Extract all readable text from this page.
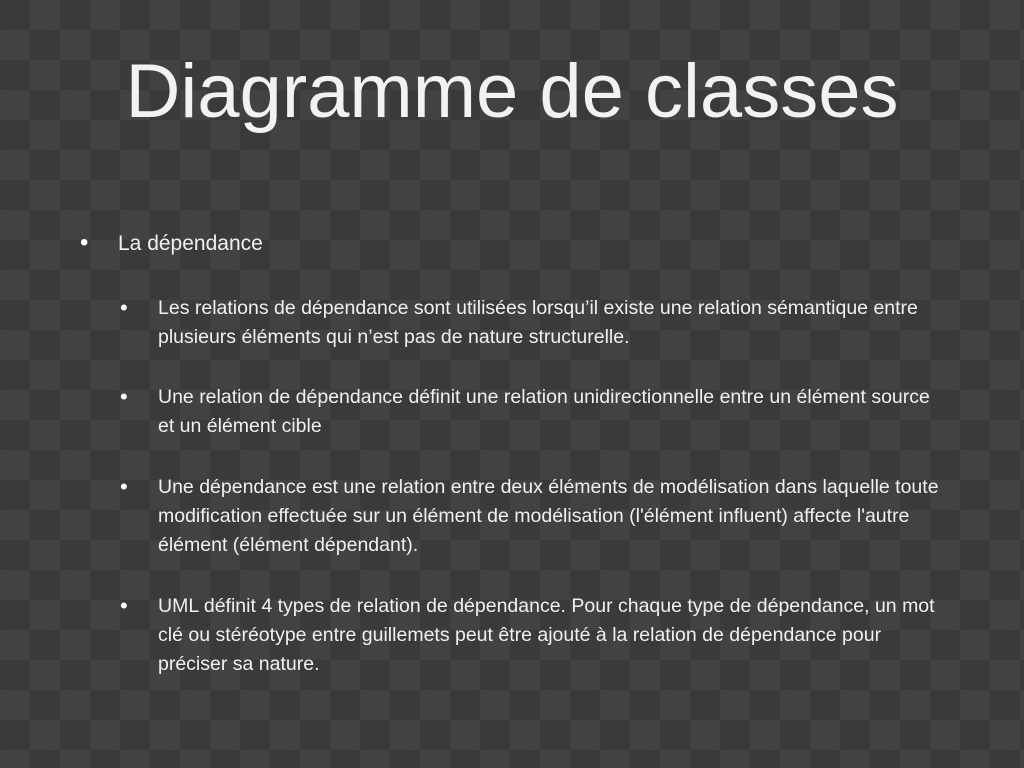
Diagramme de classes
• La dépendance
• Les relations de dépendance sont utilisées lorsqu’il existe une relation sémantique entre plusieurs éléments qui n’est pas de nature structurelle.
• Une relation de dépendance définit une relation unidirectionnelle entre un élément source et un élément cible
• Une dépendance est une relation entre deux éléments de modélisation dans laquelle toute modification effectuée sur un élément de modélisation (l'élément influent) affecte l'autre élément (élément dépendant).
• UML définit 4 types de relation de dépendance. Pour chaque type de dépendance, un mot clé ou stéréotype entre guillemets peut être ajouté à la relation de dépendance pour préciser sa nature.
